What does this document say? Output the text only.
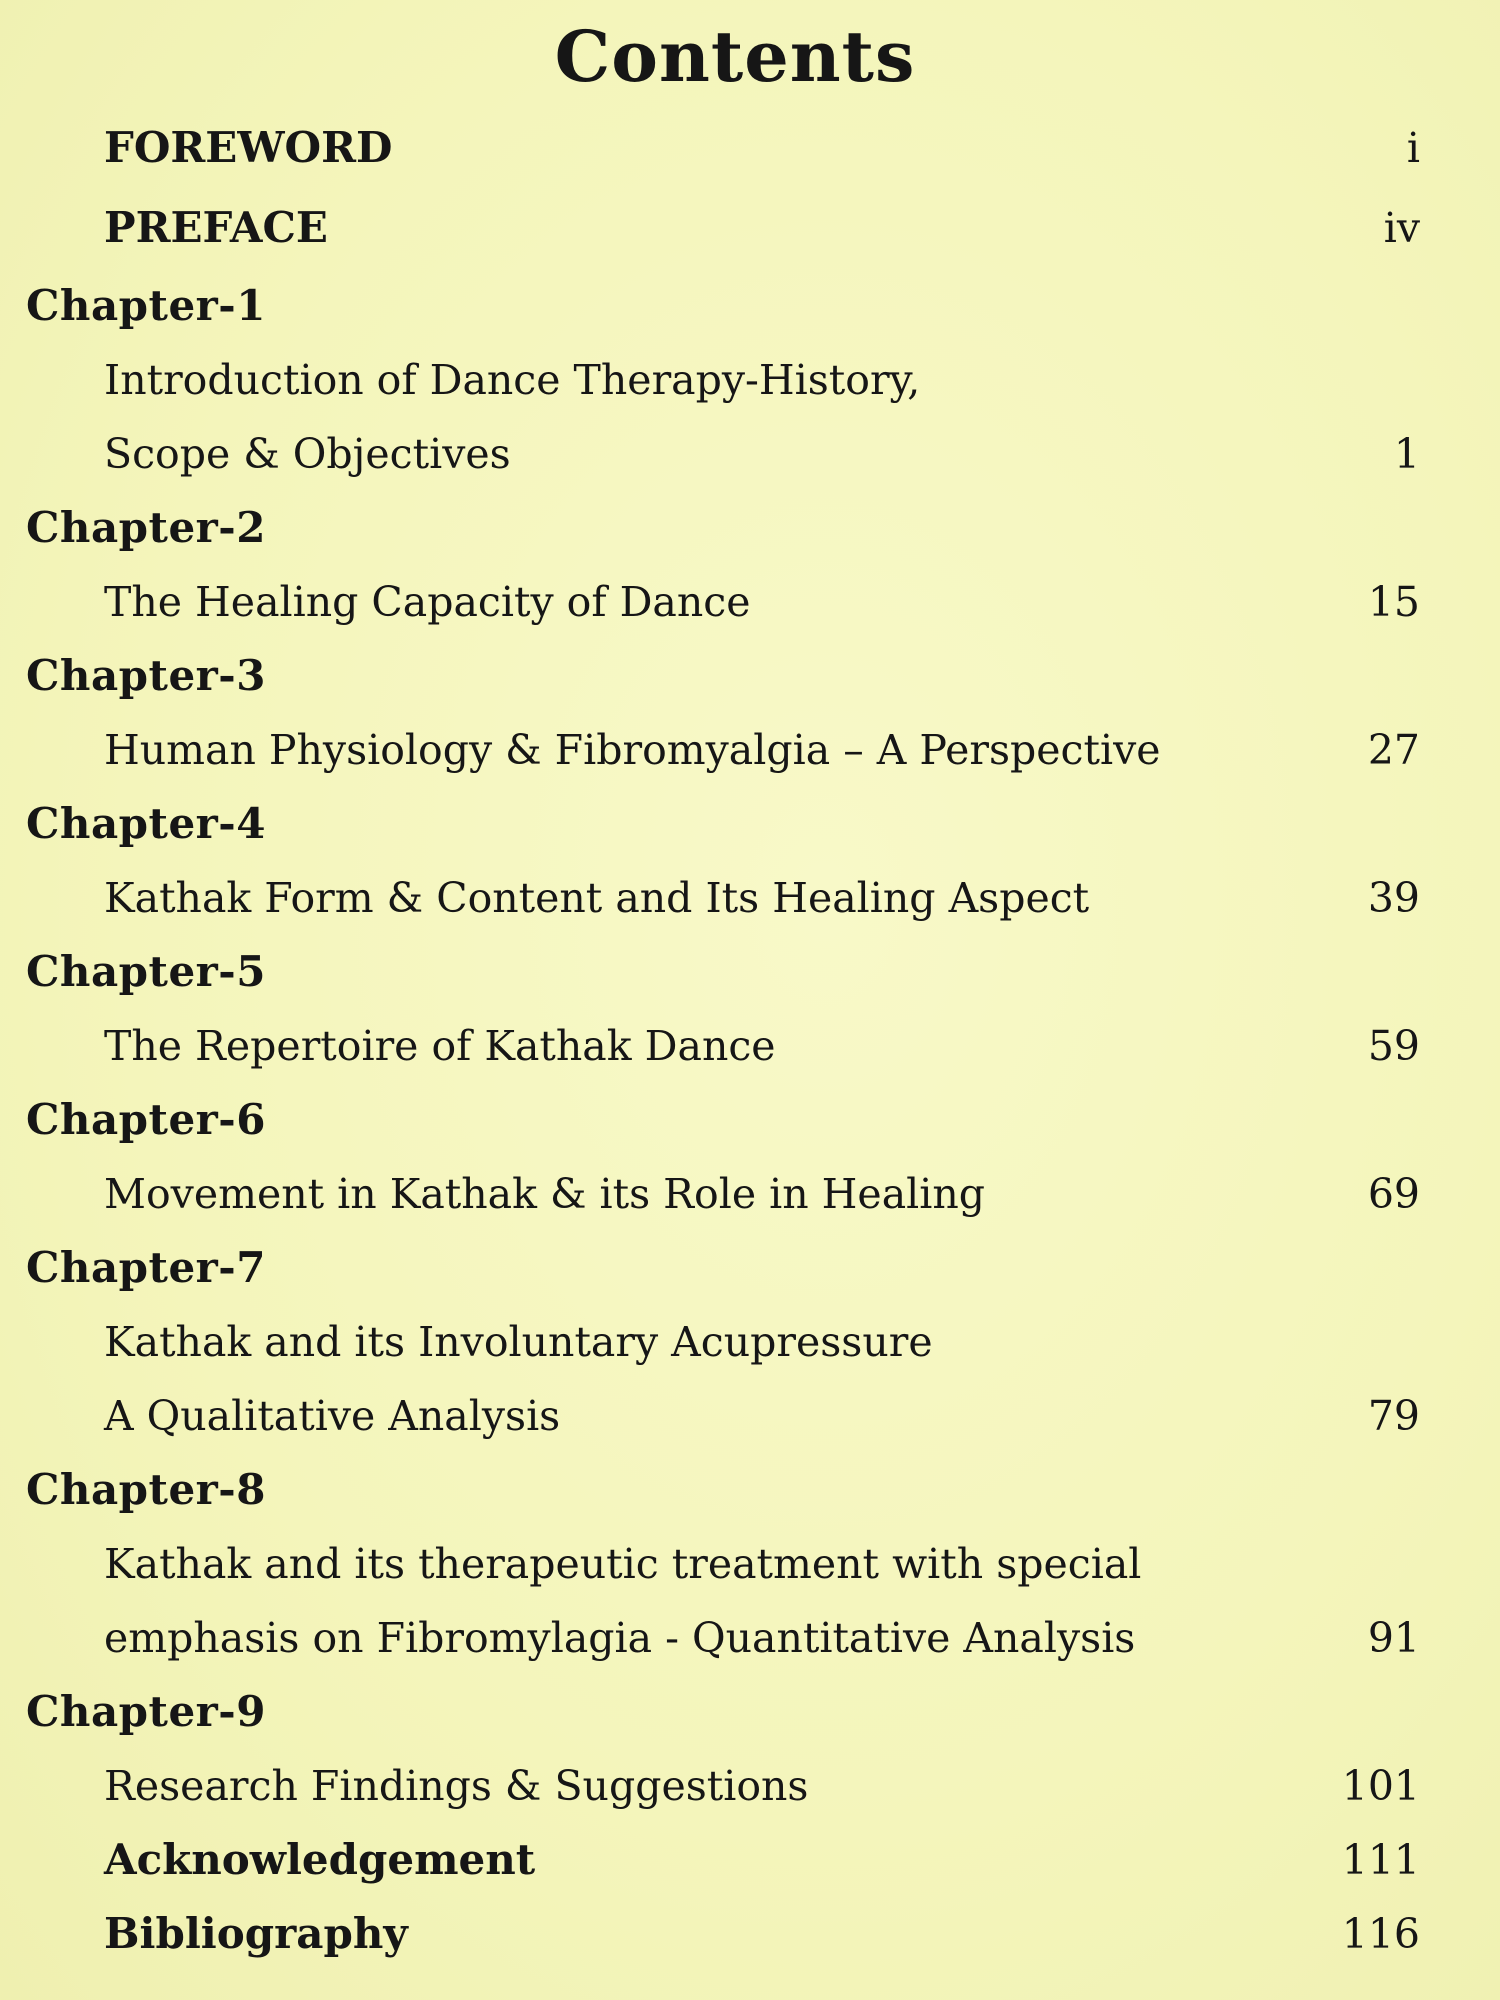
Contents
FOREWORD	i
PREFACE	iv
Chapter-1
Introduction of Dance Therapy-History,
Scope & Objectives	1
Chapter-2
The Healing Capacity of Dance	15
Chapter-3
Human Physiology & Fibromyalgia – A Perspective	27
Chapter-4
Kathak Form & Content and Its Healing Aspect	39
Chapter-5
The Repertoire of Kathak Dance	59
Chapter-6
Movement in Kathak & its Role in Healing	69
Chapter-7
Kathak and its Involuntary Acupressure
A Qualitative Analysis	79
Chapter-8
Kathak and its therapeutic treatment with special
emphasis on Fibromylagia - Quantitative Analysis	91
Chapter-9
Research Findings & Suggestions	101
Acknowledgement	111
Bibliography	116
